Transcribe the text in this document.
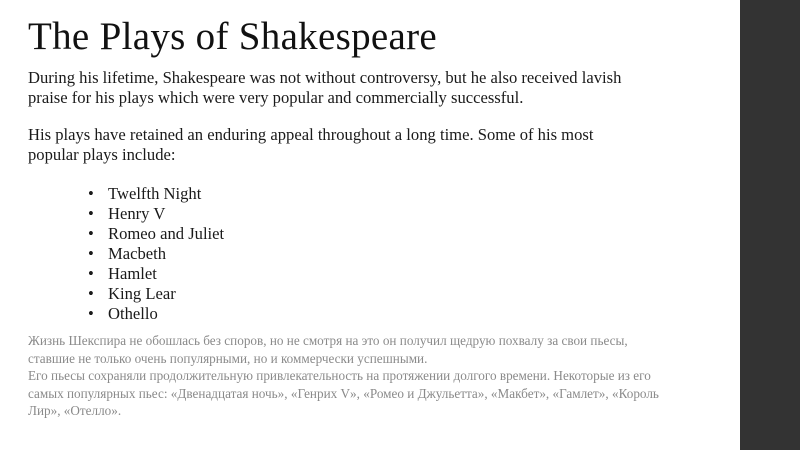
The Plays of Shakespeare
During his lifetime, Shakespeare was not without controversy, but he also received lavish
praise for his plays which were very popular and commercially successful.
His plays have retained an enduring appeal throughout a long time. Some of his most
popular plays include:
• Twelfth Night
• Henry V
• Romeo and Juliet
• Macbeth
• Hamlet
• King Lear
• Othello
Жизнь Шекспира не обошлась без споров, но не смотря на это он получил щедрую похвалу за свои пьесы,
ставшие не только очень популярными, но и коммерчески успешными.
Его пьесы сохраняли продолжительную привлекательность на протяжении долгого времени. Некоторые из его
самых популярных пьес: «Двенадцатая ночь», «Генрих V», «Ромео и Джульетта», «Макбет», «Гамлет», «Король
Лир», «Отелло».
